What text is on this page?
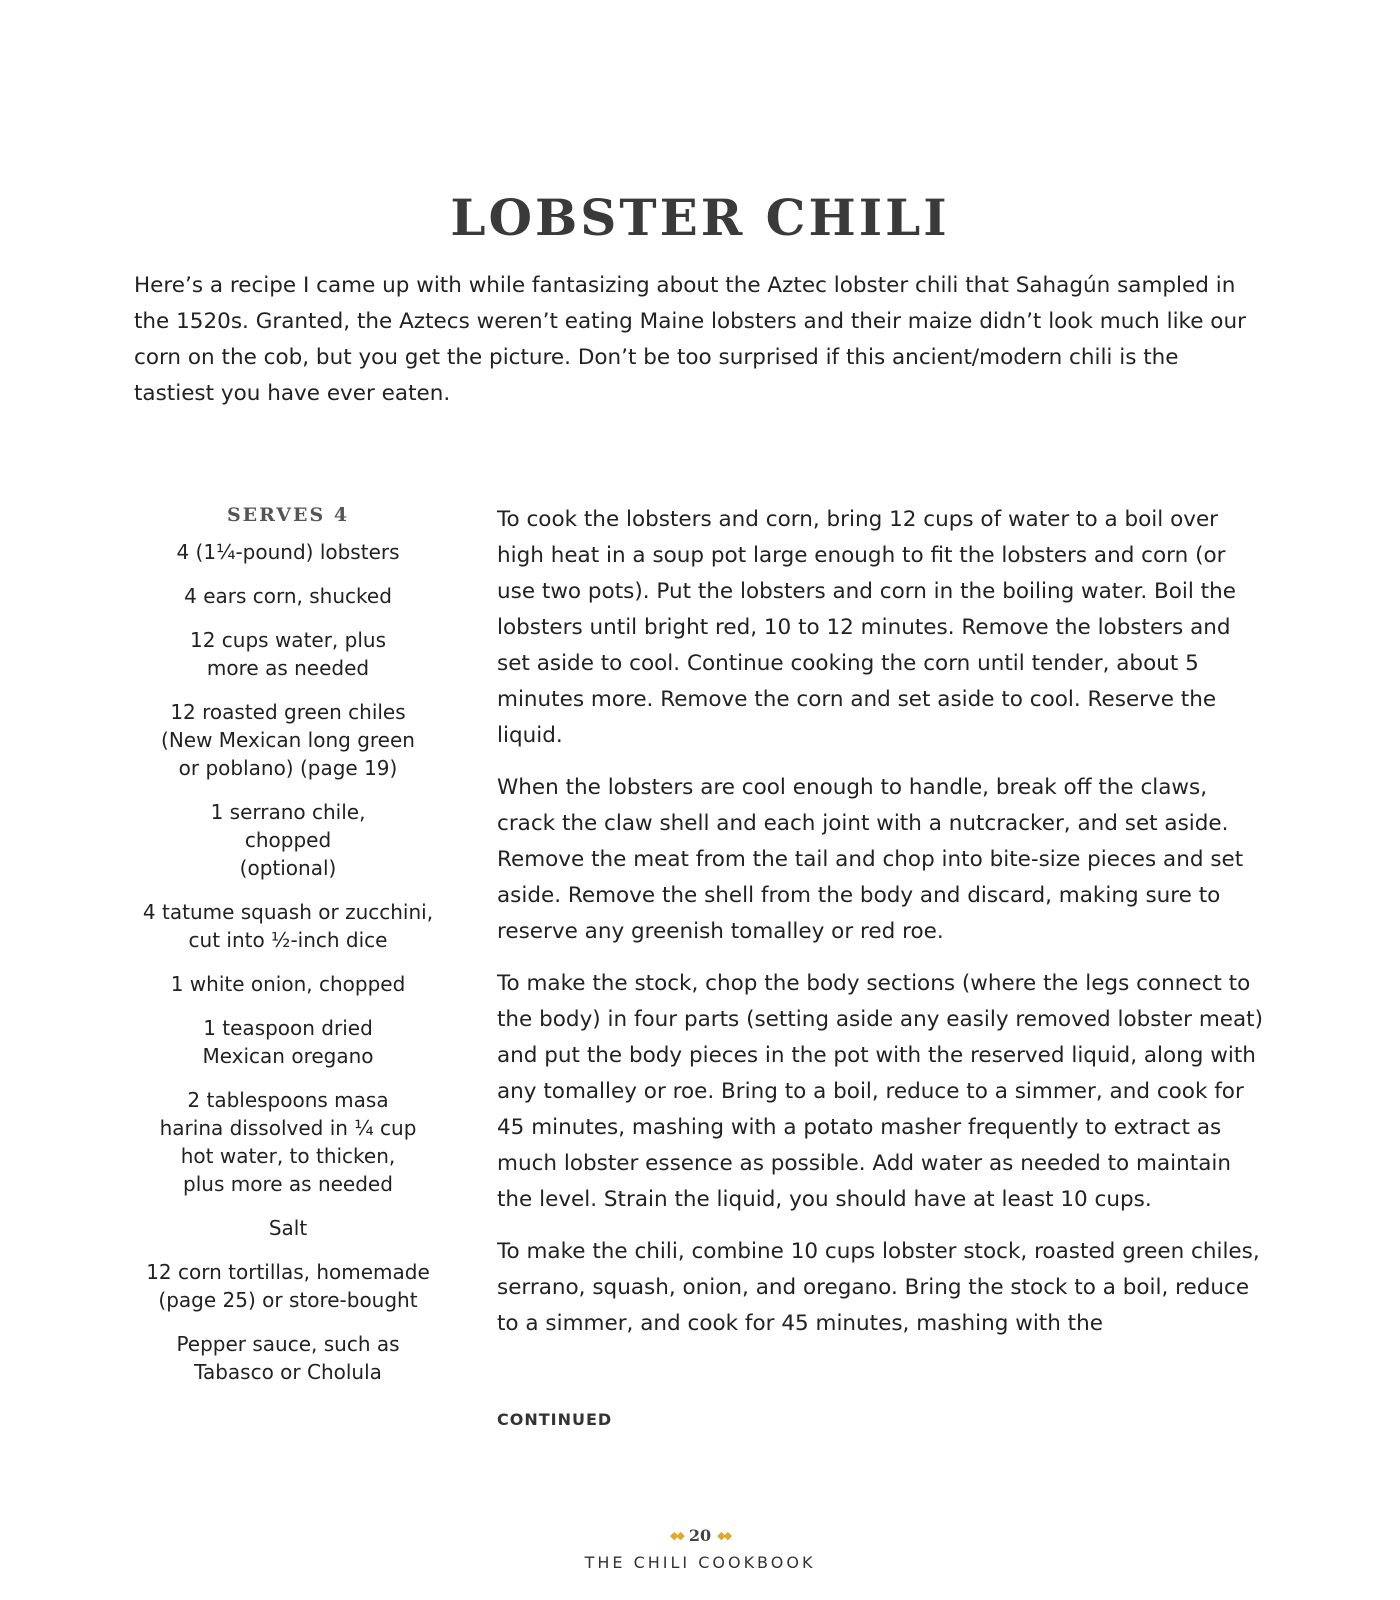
LOBSTER CHILI

Here’s a recipe I came up with while fantasizing about the Aztec lobster chili that Sahagún sampled in the 1520s. Granted, the Aztecs weren’t eating Maine lobsters and their maize didn’t look much like our corn on the cob, but you get the picture. Don’t be too surprised if this ancient/modern chili is the tastiest you have ever eaten.

SERVES 4
4 (1¼-pound) lobsters
4 ears corn, shucked
12 cups water, plus more as needed
12 roasted green chiles (New Mexican long green or poblano) (page 19)
1 serrano chile, chopped (optional)
4 tatume squash or zucchini, cut into ½-inch dice
1 white onion, chopped
1 teaspoon dried Mexican oregano
2 tablespoons masa harina dissolved in ¼ cup hot water, to thicken, plus more as needed
Salt
12 corn tortillas, homemade (page 25) or store-bought
Pepper sauce, such as Tabasco or Cholula

To cook the lobsters and corn, bring 12 cups of water to a boil over high heat in a soup pot large enough to fit the lobsters and corn (or use two pots). Put the lobsters and corn in the boiling water. Boil the lobsters until bright red, 10 to 12 minutes. Remove the lobsters and set aside to cool. Continue cooking the corn until tender, about 5 minutes more. Remove the corn and set aside to cool. Reserve the liquid.

When the lobsters are cool enough to handle, break off the claws, crack the claw shell and each joint with a nutcracker, and set aside. Remove the meat from the tail and chop into bite-size pieces and set aside. Remove the shell from the body and discard, making sure to reserve any greenish tomalley or red roe.

To make the stock, chop the body sections (where the legs connect to the body) in four parts (setting aside any easily removed lobster meat) and put the body pieces in the pot with the reserved liquid, along with any tomalley or roe. Bring to a boil, reduce to a simmer, and cook for 45 minutes, mashing with a potato masher frequently to extract as much lobster essence as possible. Add water as needed to maintain the level. Strain the liquid, you should have at least 10 cups.

To make the chili, combine 10 cups lobster stock, roasted green chiles, serrano, squash, onion, and oregano. Bring the stock to a boil, reduce to a simmer, and cook for 45 minutes, mashing with the

CONTINUED
◆◆ 20 ◆◆
THE CHILI COOKBOOK
